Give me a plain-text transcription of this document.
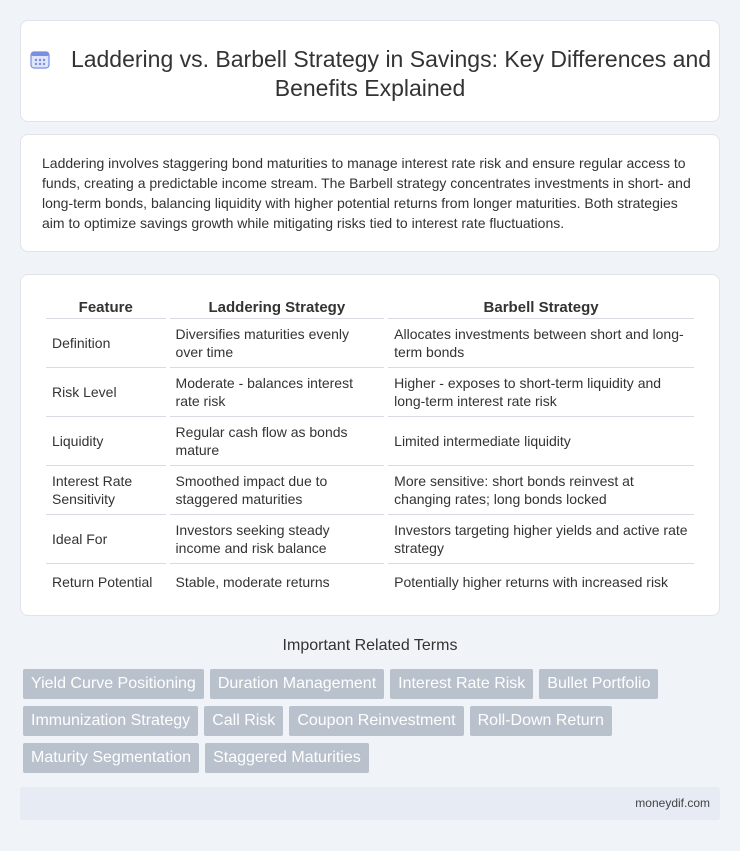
Laddering vs. Barbell Strategy in Savings: Key Differences and Benefits Explained

Laddering involves staggering bond maturities to manage interest rate risk and ensure regular access to funds, creating a predictable income stream. The Barbell strategy concentrates investments in short- and long-term bonds, balancing liquidity with higher potential returns from longer maturities. Both strategies aim to optimize savings growth while mitigating risks tied to interest rate fluctuations.

Feature	Laddering Strategy	Barbell Strategy
Definition	Diversifies maturities evenly over time	Allocates investments between short and long-term bonds
Risk Level	Moderate - balances interest rate risk	Higher - exposes to short-term liquidity and long-term interest rate risk
Liquidity	Regular cash flow as bonds mature	Limited intermediate liquidity
Interest Rate Sensitivity	Smoothed impact due to staggered maturities	More sensitive: short bonds reinvest at changing rates; long bonds locked
Ideal For	Investors seeking steady income and risk balance	Investors targeting higher yields and active rate strategy
Return Potential	Stable, moderate returns	Potentially higher returns with increased risk
Important Related Terms
Yield Curve Positioning	Duration Management	Interest Rate Risk	Bullet Portfolio
Immunization Strategy	Call Risk	Coupon Reinvestment	Roll-Down Return
Maturity Segmentation	Staggered Maturities
moneydif.com
